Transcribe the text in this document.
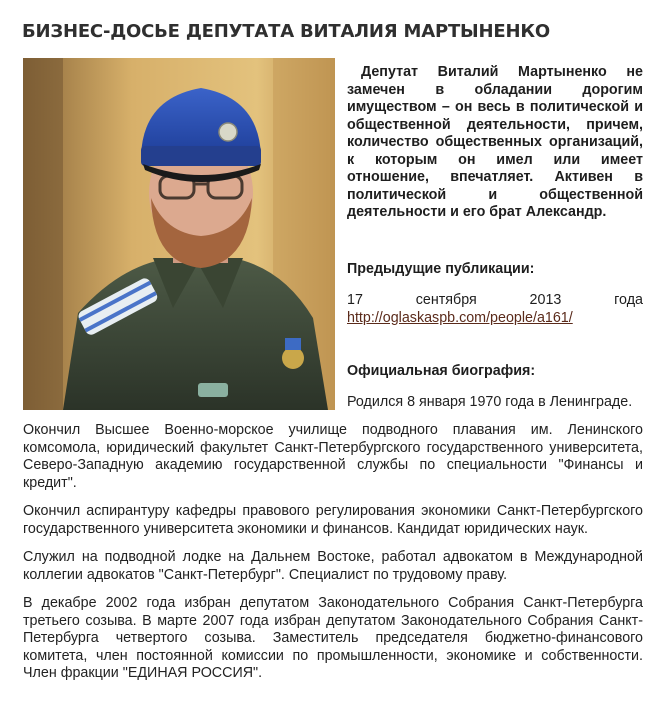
БИЗНЕС-ДОСЬЕ ДЕПУТАТА ВИТАЛИЯ МАРТЫНЕНКО

Депутат Виталий Мартыненко не замечен в обладании дорогим имуществом – он весь в политической и общественной деятельности, причем, количество общественных организаций, к которым он имел или имеет отношение, впечатляет. Активен в политической и общественной деятельности и его брат Александр.

Предыдущие публикации:

17 сентября 2013 года

http://oglaskaspb.com/people/a161/

Официальная биография:

Родился 8 января 1970 года в Ленинграде.

Окончил Высшее Военно-морское училище подводного плавания им. Ленинского комсомола, юридический факультет Санкт-Петербургского государственного университета, Северо-Западную академию государственной службы по специальности "Финансы и кредит".

Окончил аспирантуру кафедры правового регулирования экономики Санкт-Петербургского государственного университета экономики и финансов. Кандидат юридических наук.

Служил на подводной лодке на Дальнем Востоке, работал адвокатом в Международной коллегии адвокатов "Санкт-Петербург". Специалист по трудовому праву.

В декабре 2002 года избран депутатом Законодательного Собрания Санкт-Петербурга третьего созыва. В марте 2007 года избран депутатом Законодательного Собрания Санкт-Петербурга четвертого созыва. Заместитель председателя бюджетно-финансового комитета, член постоянной комиссии по промышленности, экономике и собственности. Член фракции "ЕДИНАЯ РОССИЯ".
